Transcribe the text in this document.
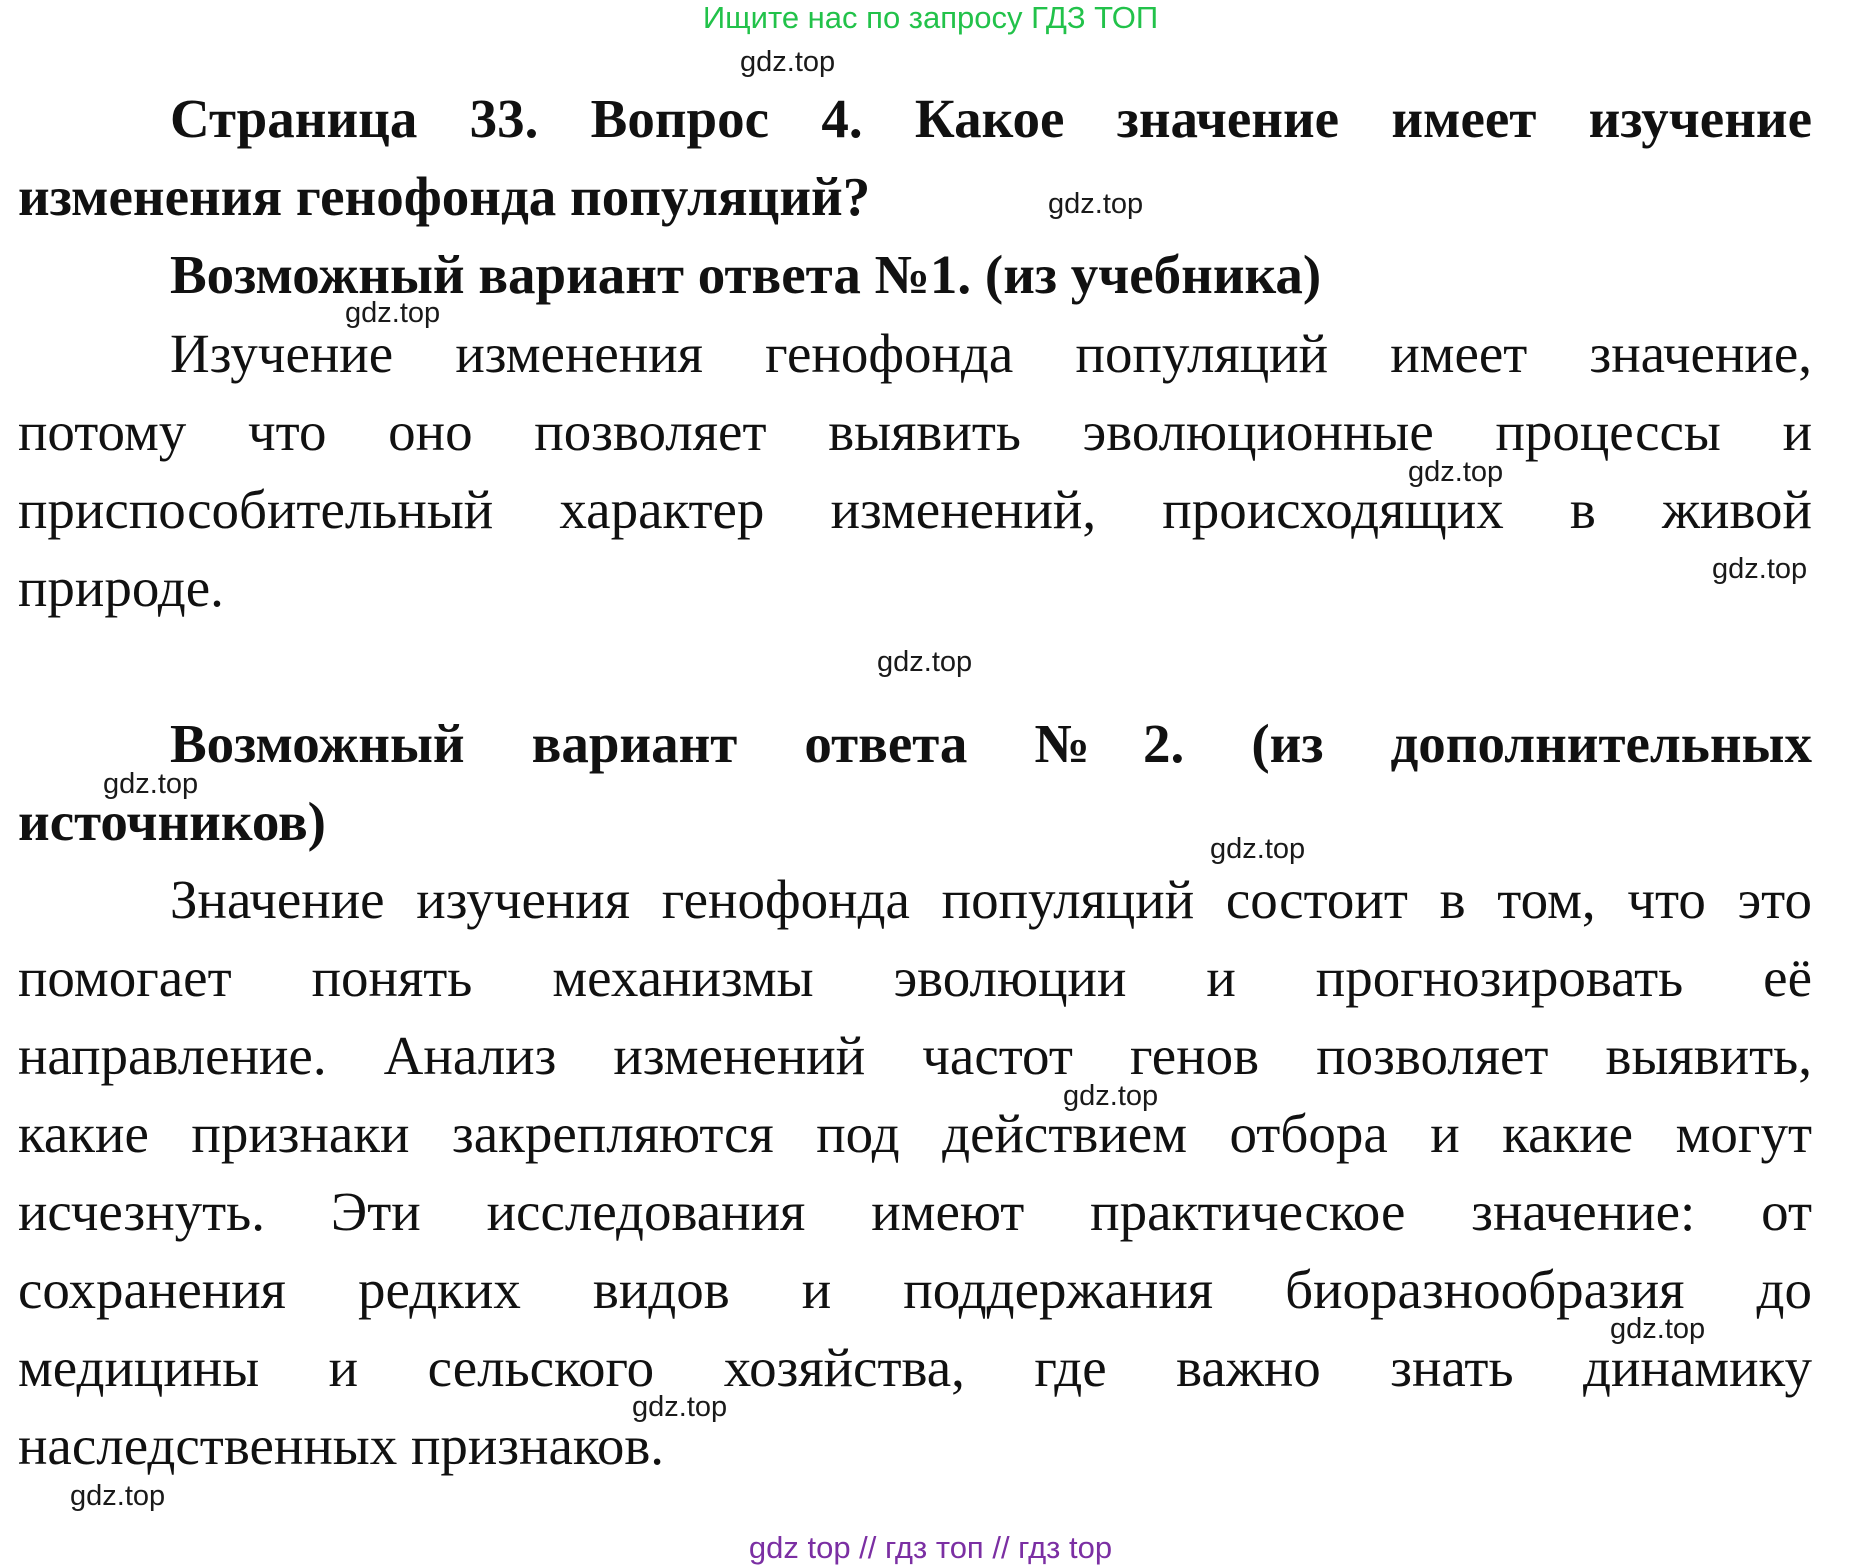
Ищите нас по запросу ГДЗ ТОП
gdz.top
Страница 33. Вопрос 4. Какое значение имеет изучение
изменения генофонда популяций?	gdz.top
Возможный вариант ответа №1. (из учебника)
gdz.top
Изучение изменения генофонда популяций имеет значение,
потому что оно позволяет выявить эволюционные процессы и
gdz.top
приспособительный характер изменений, происходящих в живой
gdz.top
природе.
gdz.top
Возможный вариант ответа №2. (из дополнительных
gdz.top
источников)	gdz.top
Значение изучения генофонда популяций состоит в том, что это
помогает понять механизмы эволюции и прогнозировать её
направление. Анализ изменений частот генов позволяет выявить,
gdz.top
какие признаки закрепляются под действием отбора и какие могут
исчезнуть. Эти исследования имеют практическое значение: от
сохранения редких видов и поддержания биоразнообразия до
gdz.top
медицины и сельского хозяйства, где важно знать динамику
gdz.top
наследственных признаков.
gdz.top
gdz top // гдз топ // гдз top
